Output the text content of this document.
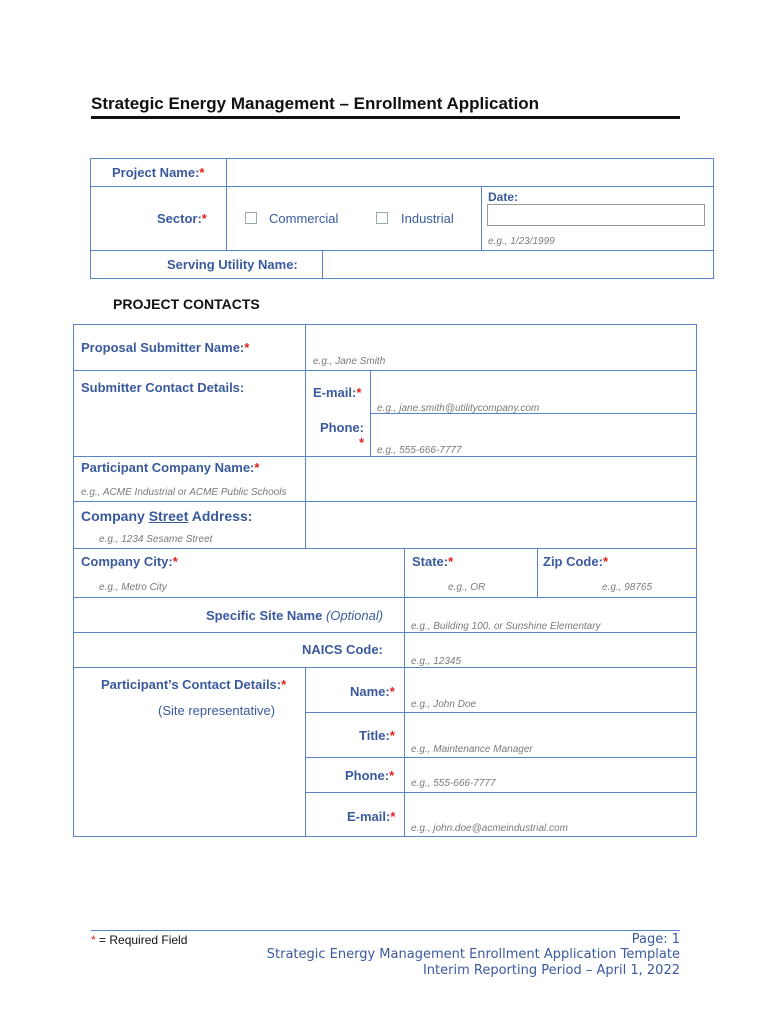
Strategic Energy Management – Enrollment Application
Project Name:*
Sector:*	Commercial	Industrial
Date:
e.g., 1/23/1999
Serving Utility Name:
PROJECT CONTACTS
Proposal Submitter Name:*
e.g., Jane Smith
Submitter Contact Details:	E-mail:*
e.g., jane.smith@utilitycompany.com
Phone:
*
e.g., 555-666-7777
Participant Company Name:*
e.g., ACME Industrial or ACME Public Schools
Company Street Address:
e.g., 1234 Sesame Street
Company City:*
e.g., Metro City
State:*
e.g., OR
Zip Code:*
e.g., 98765
Specific Site Name (Optional)
e.g., Building 100, or Sunshine Elementary
NAICS Code:
e.g., 12345
Participant’s Contact Details:*
(Site representative)
Name:*
e.g., John Doe
Title:*
e.g., Maintenance Manager
Phone:*
e.g., 555-666-7777
E-mail:*
e.g., john.doe@acmeindustrial.com
* = Required Field	Page: 1
Strategic Energy Management Enrollment Application Template
Interim Reporting Period – April 1, 2022
